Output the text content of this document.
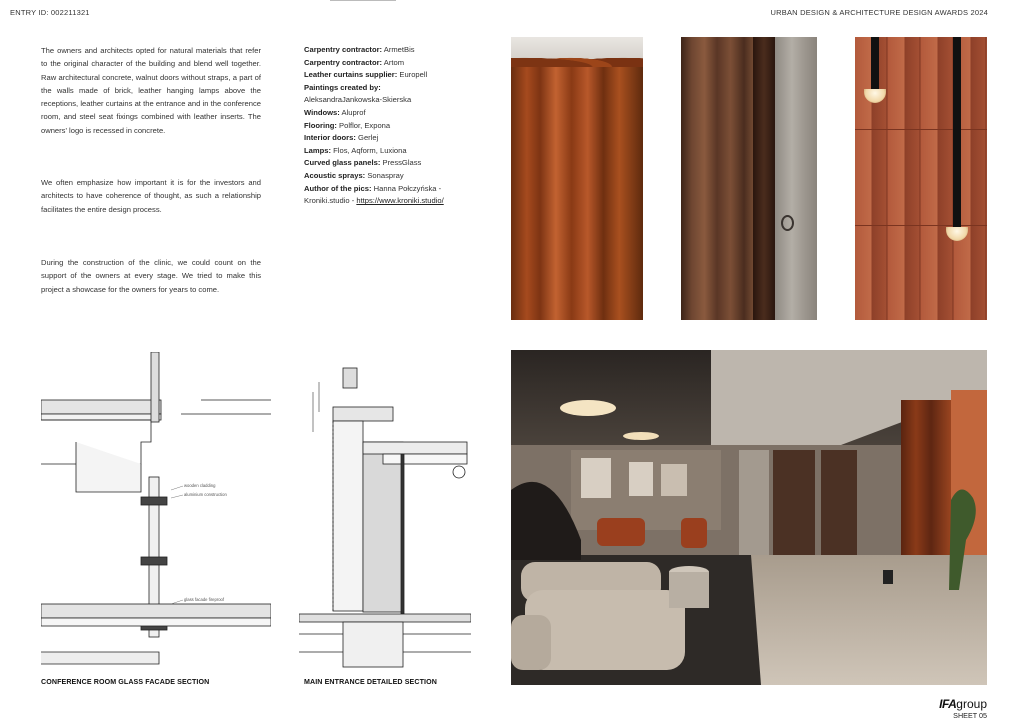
ENTRY ID: 002211321	URBAN DESIGN & ARCHITECTURE DESIGN AWARDS 2024
The owners and architects opted for natural materials that refer to the original character of the building and blend well together. Raw architectural concrete, walnut doors without straps, a part of the walls made of brick, leather hanging lamps above the receptions, leather curtains at the entrance and in the conference room, and steel seat fixings combined with leather inserts. The owners' logo is recessed in concrete.
We often emphasize how important it is for the investors and architects to have coherence of thought, as such a relationship facilitates the entire design process.
During the construction of the clinic, we could count on the support of the owners at every stage. We tried to make this project a showcase for the owners for years to come.
Carpentry contractor: ArmetBis
Carpentry contractor: Artom
Leather curtains supplier: Europell
Paintings created by:
AleksandraJankowska-Skierska
Windows: Aluprof
Flooring: Polflor, Expona
Interior doors: Gerlej
Lamps: Flos, Aqform, Luxiona
Curved glass panels: PressGlass
Acoustic sprays: Sonaspray
Author of the pics: Hanna Połczyńska - Kroniki.studio - https://www.kroniki.studio/
wooden cladding
aluminium construction
glass facade fireproof
CONFERENCE ROOM GLASS FACADE SECTION	MAIN ENTRANCE DETAILED SECTION
IFAgroup
SHEET 05
